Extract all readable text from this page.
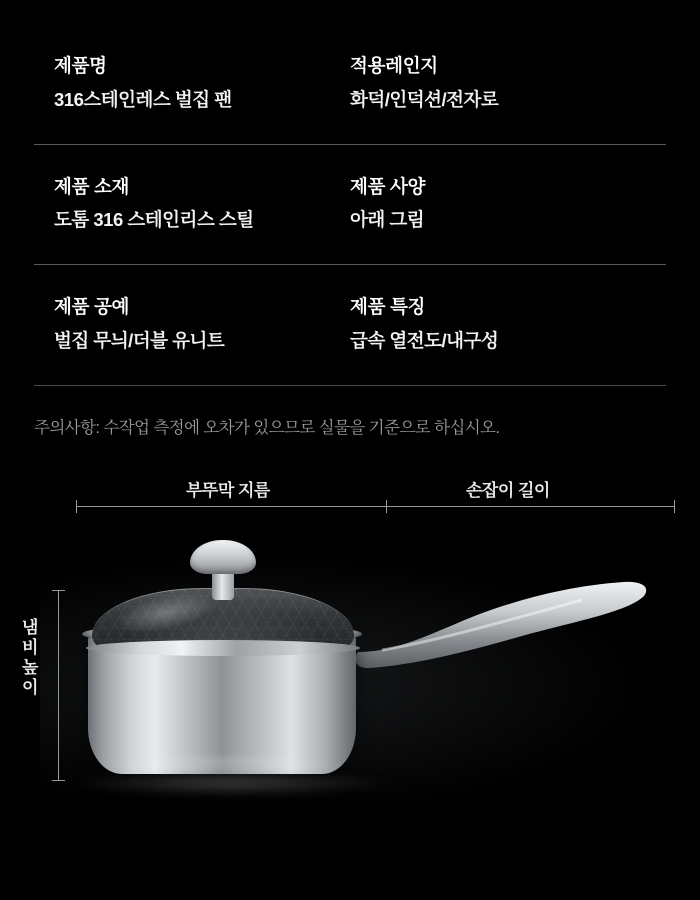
제품명
316스테인레스 벌집 팬
적용레인지
화덕/인덕션/전자로
제품 소재
도톰 316 스테인리스 스틸
제품 사양
아래 그림
제품 공예
벌집 무늬/더블 유니트
제품 특징
급속 열전도/내구성
주의사항: 수작업 측정에 오차가 있으므로 실물을 기준으로 하십시오.
부뚜막 지름	손잡이 길이
냄비 높이
